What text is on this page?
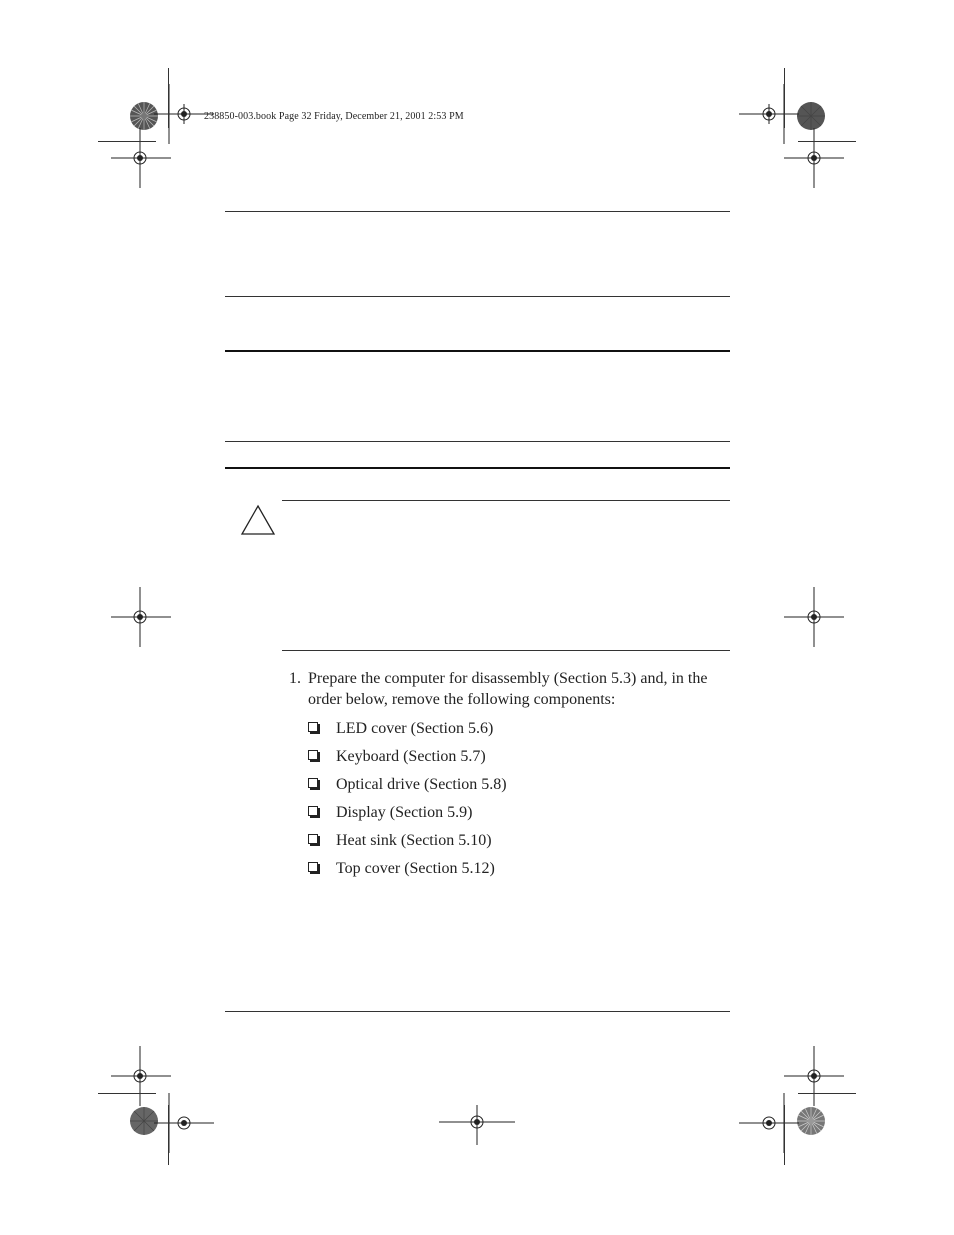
238850-003.book Page 32 Friday, December 21, 2001 2:53 PM
1. Prepare the computer for disassembly (Section 5.3) and, in the order below, remove the following components:
LED cover (Section 5.6)
Keyboard (Section 5.7)
Optical drive (Section 5.8)
Display (Section 5.9)
Heat sink (Section 5.10)
Top cover (Section 5.12)
